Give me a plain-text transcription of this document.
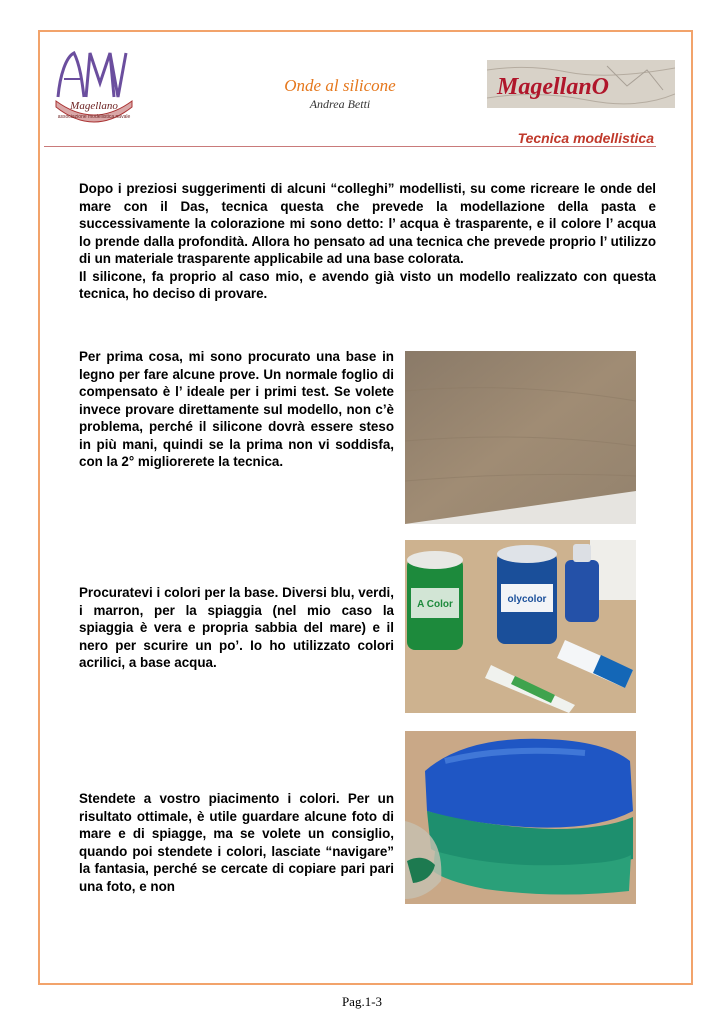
Magellano
associazione modellistica navale
Onde al silicone
Andrea Betti
MagellanO
Tecnica modellistica

Dopo i preziosi suggerimenti di alcuni “colleghi” modellisti, su come ricreare le onde del mare con il Das, tecnica questa che prevede la modellazione della pasta e successivamente la colorazione mi sono detto: l’ acqua è trasparente, e il colore l’ acqua lo prende dalla profondità. Allora ho pensato ad una tecnica che prevede proprio l’ utilizzo di un materiale trasparente applicabile ad una base colorata.

Il silicone, fa proprio al caso mio, e avendo già visto un modello realizzato con questa tecnica, ho deciso di provare.

Per prima cosa, mi sono procurato una base in legno per fare alcune prove. Un normale foglio di compensato è l’ ideale per i primi test. Se volete invece provare direttamente sul modello, non c’è problema, perché il silicone dovrà essere steso in più mani, quindi se la prima non vi soddisfa, con la 2° migliorerete la tecnica.

Procuratevi i colori per la base. Diversi blu, verdi, i marron, per la spiaggia (nel mio caso la spiaggia è vera e propria sabbia del mare) e il nero per scurire un po’. Io ho utilizzato colori acrilici, a base acqua.

A Color	olycolor

Stendete a vostro piacimento i colori. Per un risultato ottimale, è utile guardare alcune foto di mare e di spiagge, ma se volete un consiglio, quando poi stendete i colori, lasciate “navigare” la fantasia, perché se cercate di copiare pari pari una foto, e non

Pag.1-3
